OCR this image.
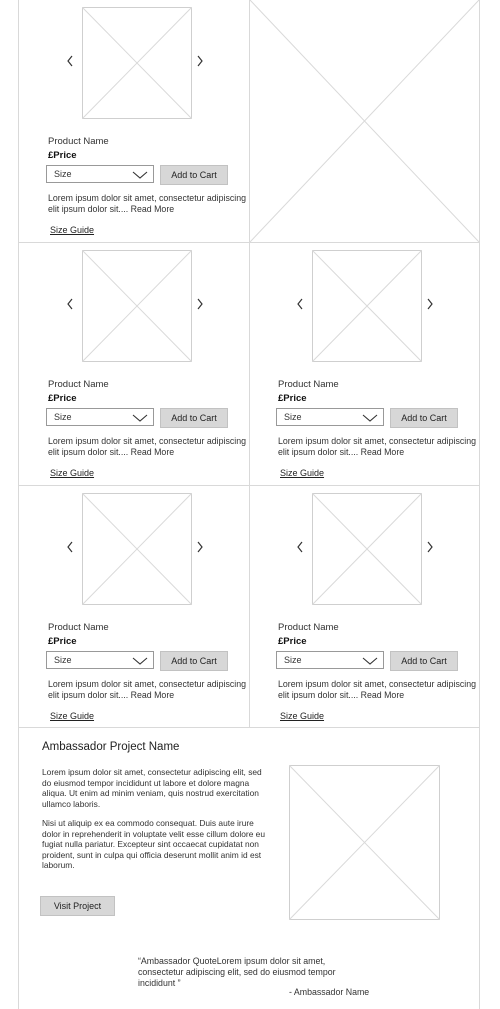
Product Name
£Price
Size	Add to Cart
Lorem ipsum dolor sit amet, consectetur adipiscing elit ipsum dolor sit.... Read More
Size Guide
Product Name
£Price
Size	Add to Cart
Lorem ipsum dolor sit amet, consectetur adipiscing elit ipsum dolor sit.... Read More
Size Guide
Product Name
£Price
Size	Add to Cart
Lorem ipsum dolor sit amet, consectetur adipiscing elit ipsum dolor sit.... Read More
Size Guide
Product Name
£Price
Size	Add to Cart
Lorem ipsum dolor sit amet, consectetur adipiscing elit ipsum dolor sit.... Read More
Size Guide
Product Name
£Price
Size	Add to Cart
Lorem ipsum dolor sit amet, consectetur adipiscing elit ipsum dolor sit.... Read More
Size Guide
Ambassador Project Name
Lorem ipsum dolor sit amet, consectetur adipiscing elit, sed do eiusmod tempor incididunt ut labore et dolore magna aliqua. Ut enim ad minim veniam, quis nostrud exercitation ullamco laboris.
Nisi ut aliquip ex ea commodo consequat. Duis aute irure dolor in reprehenderit in voluptate velit esse cillum dolore eu fugiat nulla pariatur. Excepteur sint occaecat cupidatat non proident, sunt in culpa qui officia deserunt mollit anim id est laborum.
Visit Project
“Ambassador QuoteLorem ipsum dolor sit amet, consectetur adipiscing elit, sed do eiusmod tempor incididunt ”
- Ambassador Name
